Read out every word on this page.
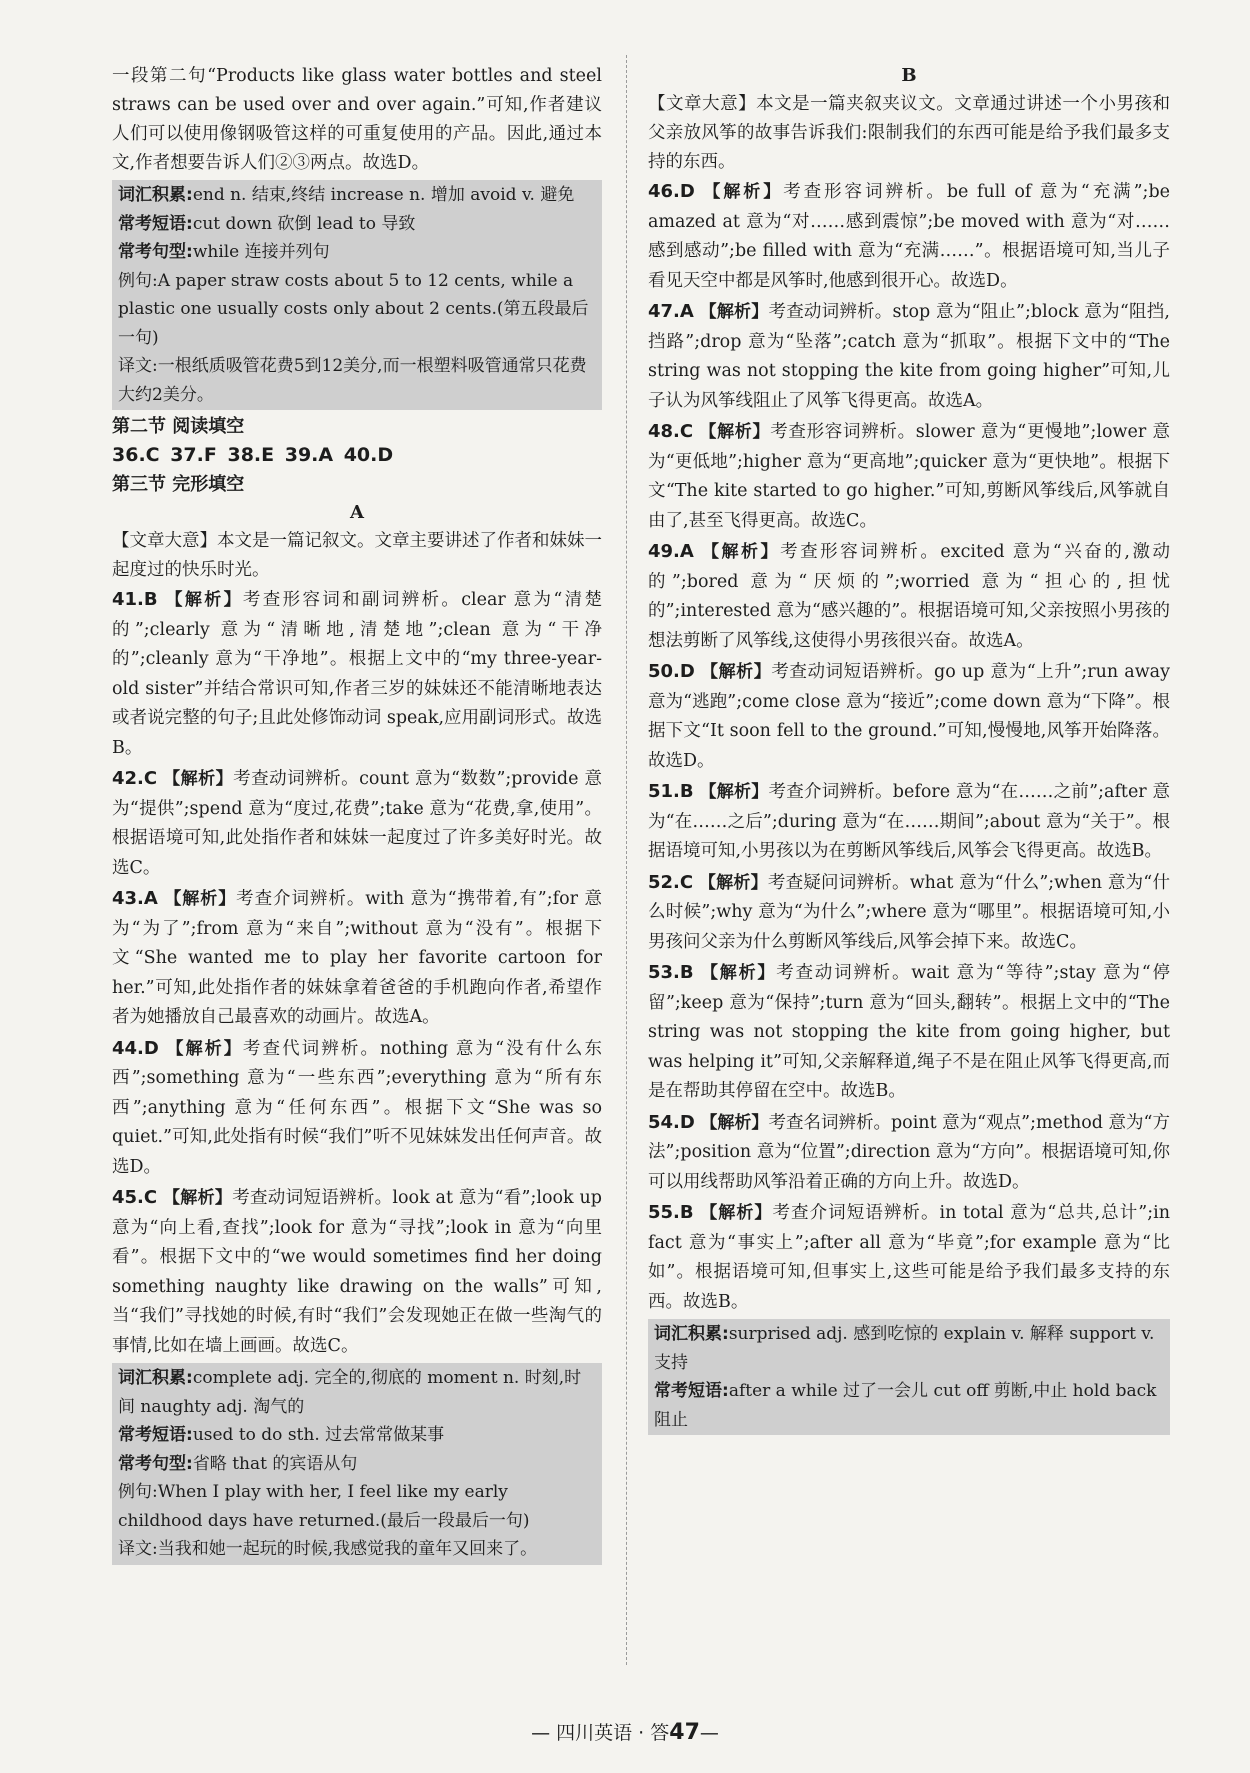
一段第二句“Products like glass water bottles and steel straws can be used over and over again.”可知,作者建议人们可以使用像钢吸管这样的可重复使用的产品。因此,通过本文,作者想要告诉人们②③两点。故选D。

词汇积累:end n. 结束,终结 increase n. 增加 avoid v. 避免
常考短语:cut down 砍倒 lead to 导致
常考句型:while 连接并列句
例句:A paper straw costs about 5 to 12 cents, while a plastic one usually costs only about 2 cents.(第五段最后一句)
译文:一根纸质吸管花费5到12美分,而一根塑料吸管通常只花费大约2美分。
第二节 阅读填空
36.C 37.F 38.E 39.A 40.D
第三节 完形填空
A

【文章大意】本文是一篇记叙文。文章主要讲述了作者和妹妹一起度过的快乐时光。

41.B 【解析】考查形容词和副词辨析。clear 意为“清楚的”;clearly 意为“清晰地,清楚地”;clean 意为“干净的”;cleanly 意为“干净地”。根据上文中的“my three-year-old sister”并结合常识可知,作者三岁的妹妹还不能清晰地表达或者说完整的句子;且此处修饰动词 speak,应用副词形式。故选B。
42.C 【解析】考查动词辨析。count 意为“数数”;provide 意为“提供”;spend 意为“度过,花费”;take 意为“花费,拿,使用”。根据语境可知,此处指作者和妹妹一起度过了许多美好时光。故选C。
43.A 【解析】考查介词辨析。with 意为“携带着,有”;for 意为“为了”;from 意为“来自”;without 意为“没有”。根据下文“She wanted me to play her favorite cartoon for her.”可知,此处指作者的妹妹拿着爸爸的手机跑向作者,希望作者为她播放自己最喜欢的动画片。故选A。
44.D 【解析】考查代词辨析。nothing 意为“没有什么东西”;something 意为“一些东西”;everything 意为“所有东西”;anything 意为“任何东西”。根据下文“She was so quiet.”可知,此处指有时候“我们”听不见妹妹发出任何声音。故选D。
45.C 【解析】考查动词短语辨析。look at 意为“看”;look up 意为“向上看,查找”;look for 意为“寻找”;look in 意为“向里看”。根据下文中的“we would sometimes find her doing something naughty like drawing on the walls”可知,当“我们”寻找她的时候,有时“我们”会发现她正在做一些淘气的事情,比如在墙上画画。故选C。
词汇积累:complete adj. 完全的,彻底的 moment n. 时刻,时间 naughty adj. 淘气的
常考短语:used to do sth. 过去常常做某事
常考句型:省略 that 的宾语从句
例句:When I play with her, I feel like my early childhood days have returned.(最后一段最后一句)
译文:当我和她一起玩的时候,我感觉我的童年又回来了。
B

【文章大意】本文是一篇夹叙夹议文。文章通过讲述一个小男孩和父亲放风筝的故事告诉我们:限制我们的东西可能是给予我们最多支持的东西。

46.D 【解析】考查形容词辨析。be full of 意为“充满”;be amazed at 意为“对……感到震惊”;be moved with 意为“对……感到感动”;be filled with 意为“充满……”。根据语境可知,当儿子看见天空中都是风筝时,他感到很开心。故选D。
47.A 【解析】考查动词辨析。stop 意为“阻止”;block 意为“阻挡,挡路”;drop 意为“坠落”;catch 意为“抓取”。根据下文中的“The string was not stopping the kite from going higher”可知,儿子认为风筝线阻止了风筝飞得更高。故选A。
48.C 【解析】考查形容词辨析。slower 意为“更慢地”;lower 意为“更低地”;higher 意为“更高地”;quicker 意为“更快地”。根据下文“The kite started to go higher.”可知,剪断风筝线后,风筝就自由了,甚至飞得更高。故选C。
49.A 【解析】考查形容词辨析。excited 意为“兴奋的,激动的”;bored 意为“厌烦的”;worried 意为“担心的,担忧的”;interested 意为“感兴趣的”。根据语境可知,父亲按照小男孩的想法剪断了风筝线,这使得小男孩很兴奋。故选A。
50.D 【解析】考查动词短语辨析。go up 意为“上升”;run away 意为“逃跑”;come close 意为“接近”;come down 意为“下降”。根据下文“It soon fell to the ground.”可知,慢慢地,风筝开始降落。故选D。
51.B 【解析】考查介词辨析。before 意为“在……之前”;after 意为“在……之后”;during 意为“在……期间”;about 意为“关于”。根据语境可知,小男孩以为在剪断风筝线后,风筝会飞得更高。故选B。
52.C 【解析】考查疑问词辨析。what 意为“什么”;when 意为“什么时候”;why 意为“为什么”;where 意为“哪里”。根据语境可知,小男孩问父亲为什么剪断风筝线后,风筝会掉下来。故选C。
53.B 【解析】考查动词辨析。wait 意为“等待”;stay 意为“停留”;keep 意为“保持”;turn 意为“回头,翻转”。根据上文中的“The string was not stopping the kite from going higher, but was helping it”可知,父亲解释道,绳子不是在阻止风筝飞得更高,而是在帮助其停留在空中。故选B。
54.D 【解析】考查名词辨析。point 意为“观点”;method 意为“方法”;position 意为“位置”;direction 意为“方向”。根据语境可知,你可以用线帮助风筝沿着正确的方向上升。故选D。
55.B 【解析】考查介词短语辨析。in total 意为“总共,总计”;in fact 意为“事实上”;after all 意为“毕竟”;for example 意为“比如”。根据语境可知,但事实上,这些可能是给予我们最多支持的东西。故选B。
词汇积累:surprised adj. 感到吃惊的 explain v. 解释 support v. 支持
常考短语:after a while 过了一会儿 cut off 剪断,中止 hold back 阻止
— 四川英语 · 答47—
